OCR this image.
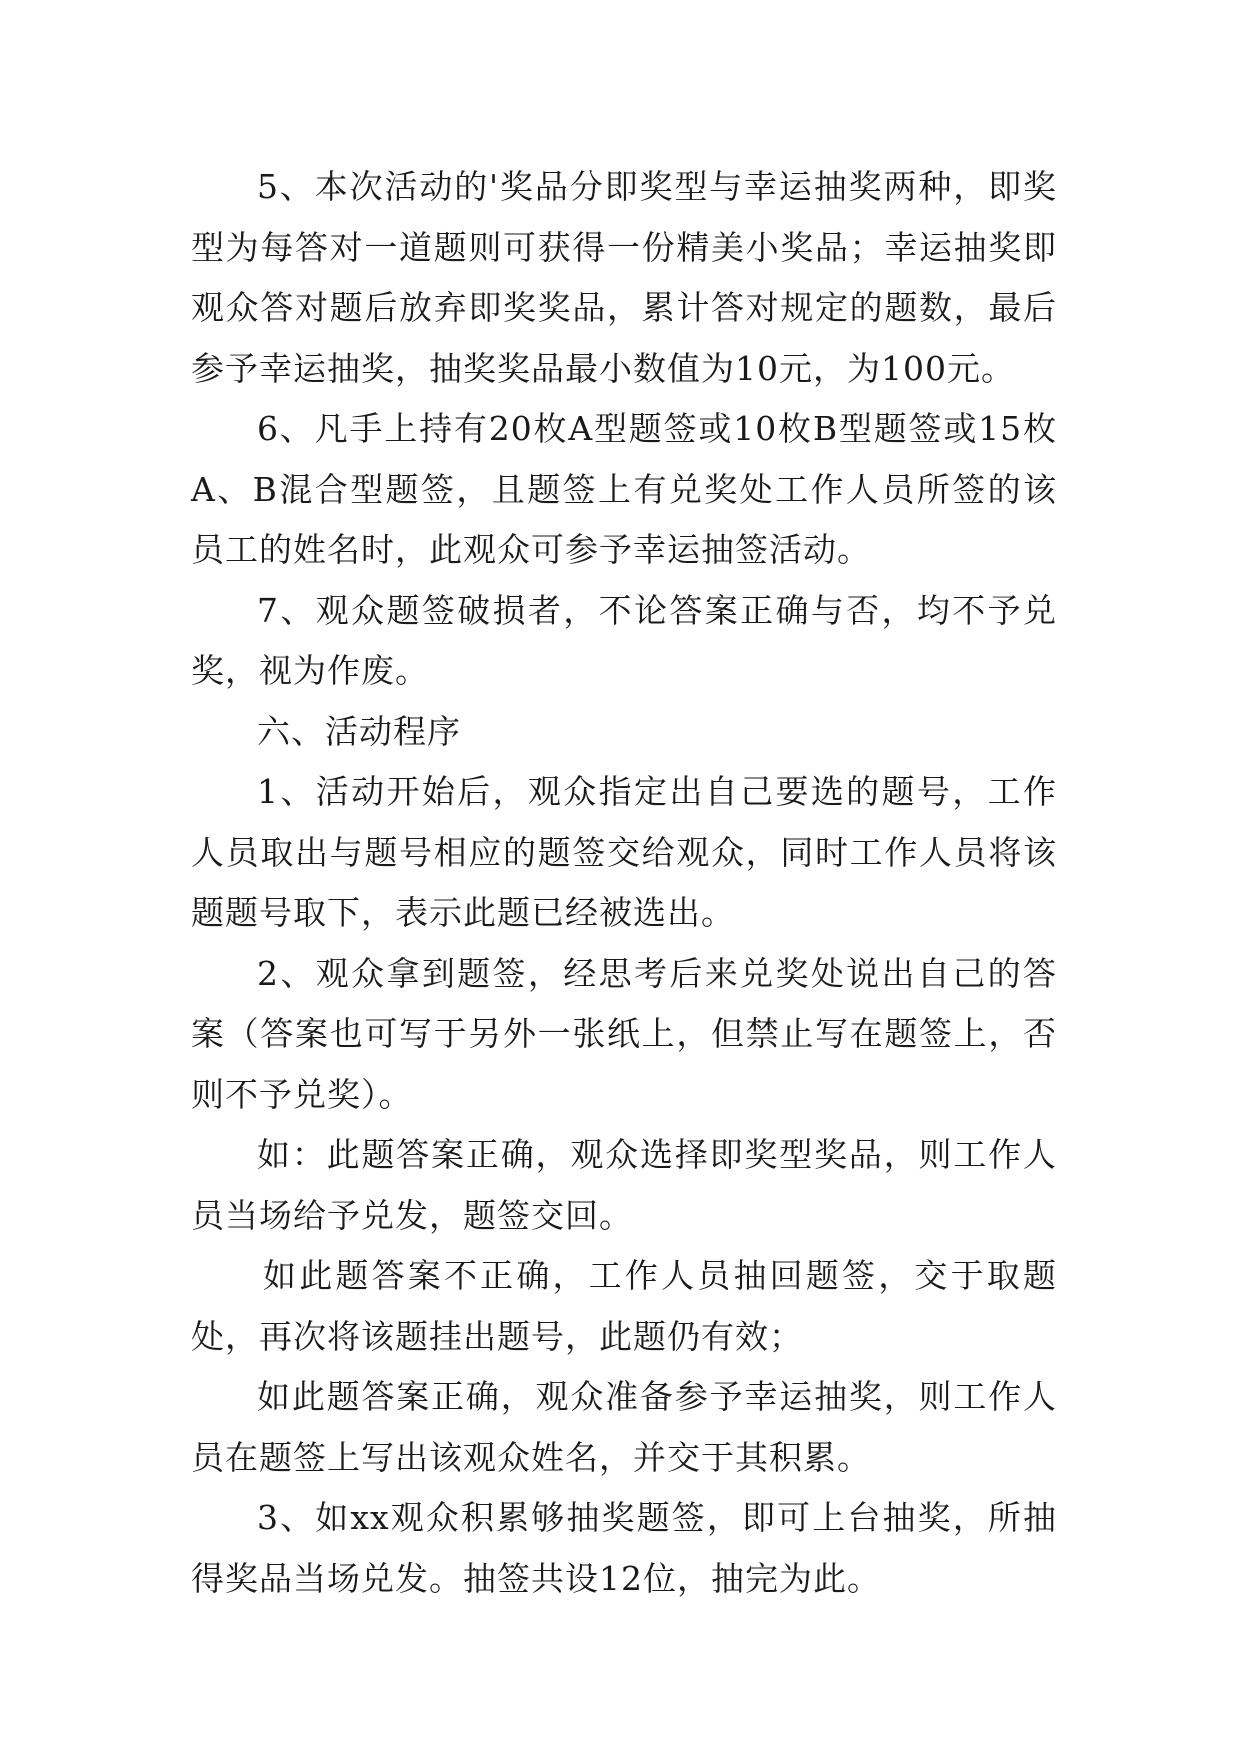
5、本次活动的'奖品分即奖型与幸运抽奖两种，即奖型为每答对一道题则可获得一份精美小奖品；幸运抽奖即观众答对题后放弃即奖奖品，累计答对规定的题数，最后参予幸运抽奖，抽奖奖品最小数值为10元，为100元。

6、凡手上持有20枚A型题签或10枚B型题签或15枚A、B混合型题签，且题签上有兑奖处工作人员所签的该员工的姓名时，此观众可参予幸运抽签活动。

7、观众题签破损者，不论答案正确与否，均不予兑奖，视为作废。

六、活动程序

1、活动开始后，观众指定出自己要选的题号，工作人员取出与题号相应的题签交给观众，同时工作人员将该题题号取下，表示此题已经被选出。

2、观众拿到题签，经思考后来兑奖处说出自己的答案（答案也可写于另外一张纸上，但禁止写在题签上，否则不予兑奖）。

如：此题答案正确，观众选择即奖型奖品，则工作人员当场给予兑发，题签交回。

如此题答案不正确，工作人员抽回题签，交于取题处，再次将该题挂出题号，此题仍有效；

如此题答案正确，观众准备参予幸运抽奖，则工作人员在题签上写出该观众姓名，并交于其积累。

3、如xx观众积累够抽奖题签，即可上台抽奖，所抽得奖品当场兑发。抽签共设12位，抽完为此。
